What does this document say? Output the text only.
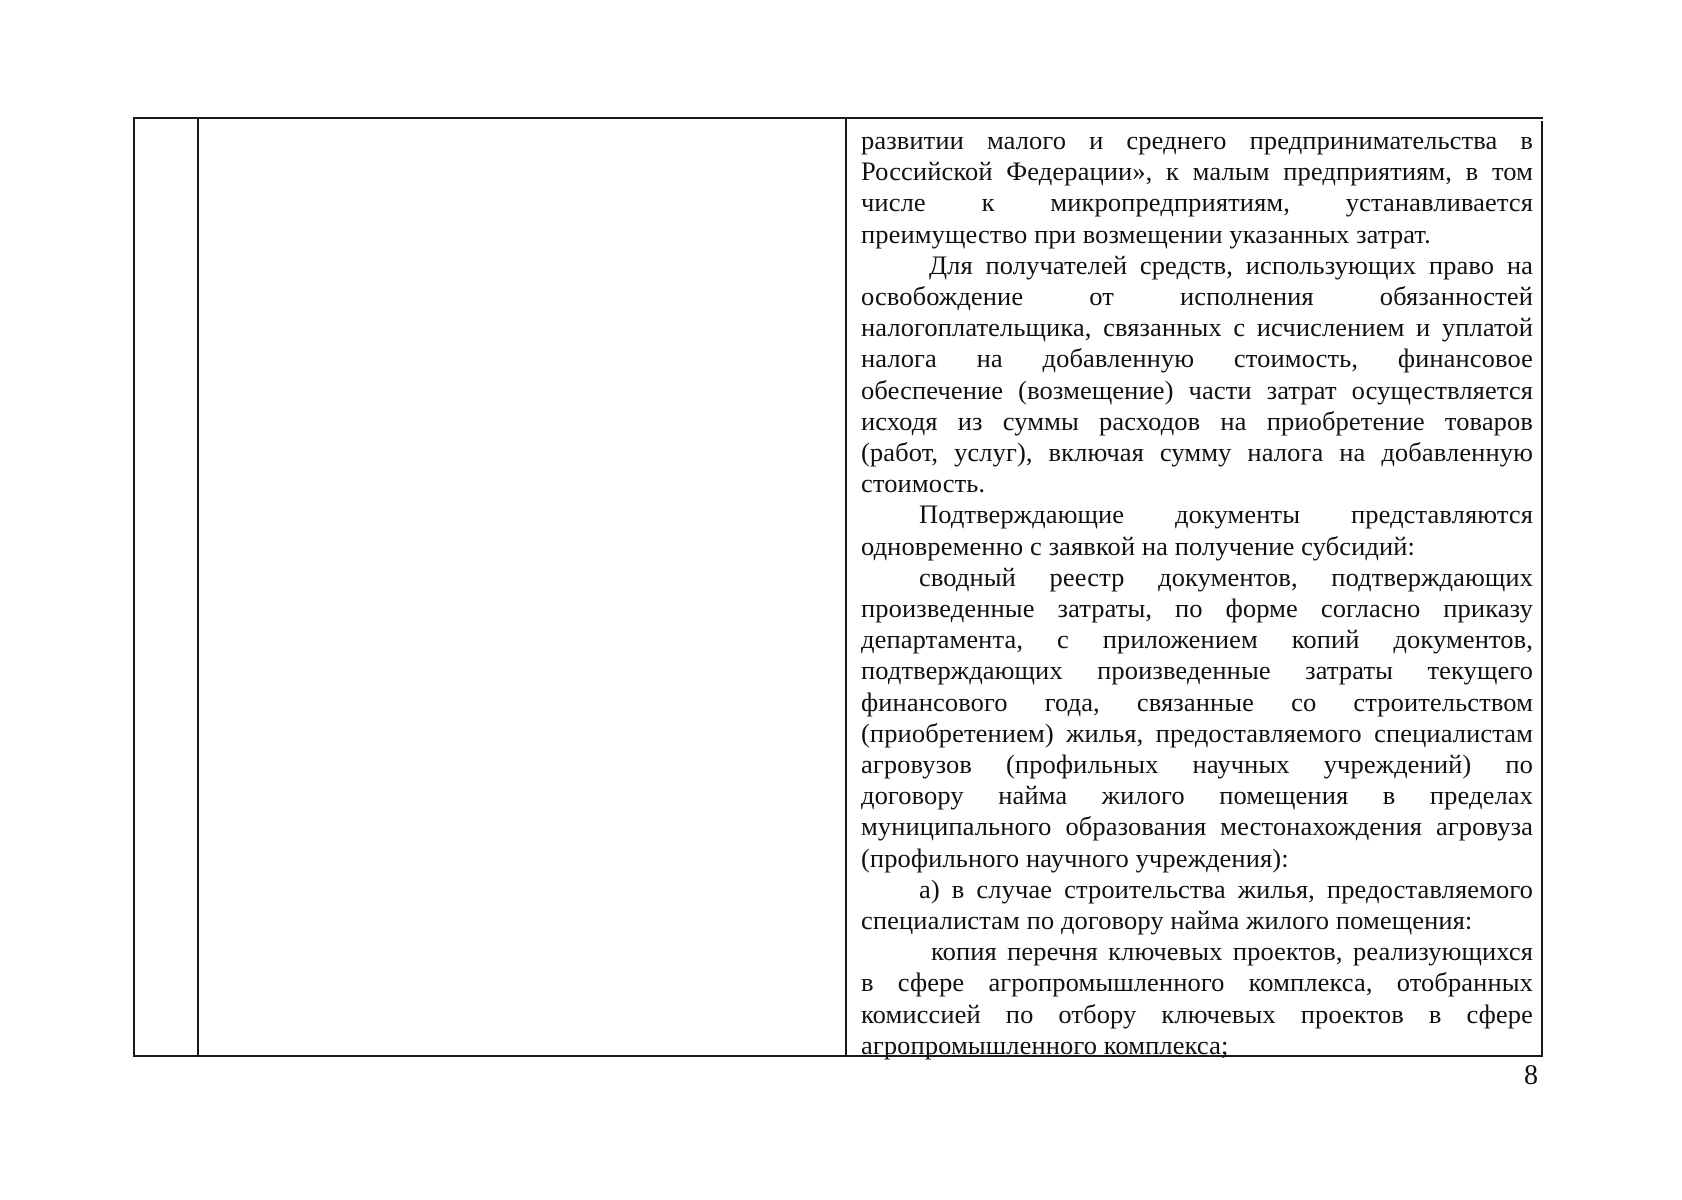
развитии малого и среднего предпринимательства в Российской Федерации», к малым предприятиям, в том числе к микропредприятиям, устанавливается преимущество при возмещении указанных затрат.

Для получателей средств, использующих право на освобождение от исполнения обязанностей налогоплательщика, связанных с исчислением и уплатой налога на добавленную стоимость, финансовое обеспечение (возмещение) части затрат осуществляется исходя из суммы расходов на приобретение товаров (работ, услуг), включая сумму налога на добавленную стоимость.

Подтверждающие документы представляются одновременно с заявкой на получение субсидий:

сводный реестр документов, подтверждающих произведенные затраты, по форме согласно приказу департамента, с приложением копий документов, подтверждающих произведенные затраты текущего финансового года, связанные со строительством (приобретением) жилья, предоставляемого специалистам агровузов (профильных научных учреждений) по договору найма жилого помещения в пределах муниципального образования местонахождения агровуза (профильного научного учреждения):

а) в случае строительства жилья, предоставляемого специалистам по договору найма жилого помещения:

копия перечня ключевых проектов, реализующихся в сфере агропромышленного комплекса, отобранных комиссией по отбору ключевых проектов в сфере агропромышленного комплекса;

8
